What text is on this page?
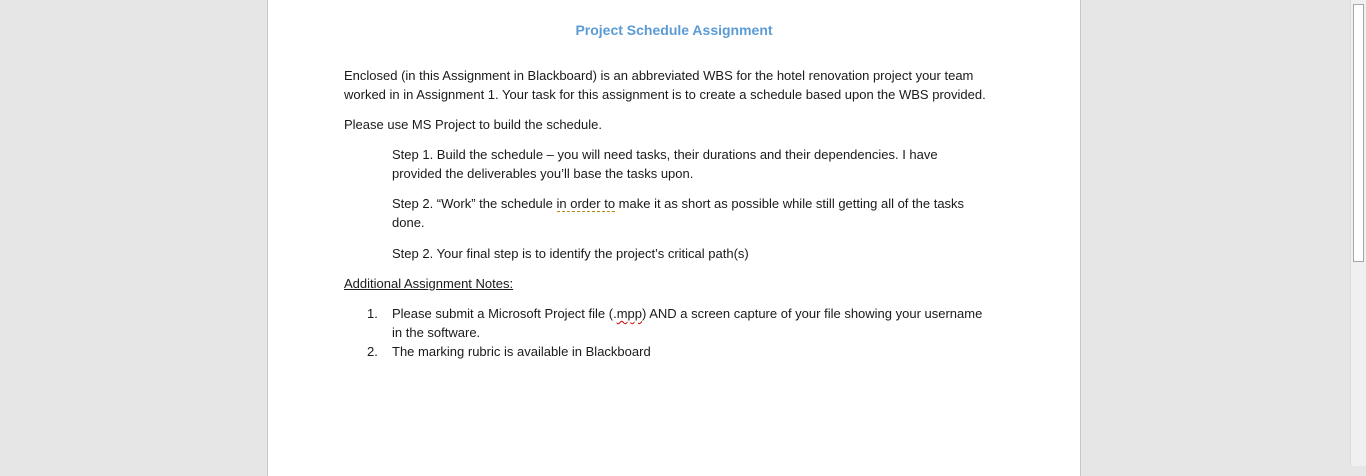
Project Schedule Assignment
Enclosed (in this Assignment in Blackboard) is an abbreviated WBS for the hotel renovation project your team
worked in in Assignment 1. Your task for this assignment is to create a schedule based upon the WBS provided.
Please use MS Project to build the schedule.
Step 1. Build the schedule – you will need tasks, their durations and their dependencies. I have
provided the deliverables you’ll base the tasks upon.
Step 2. “Work” the schedule in order to make it as short as possible while still getting all of the tasks
done.
Step 2. Your final step is to identify the project’s critical path(s)
Additional Assignment Notes:
1. Please submit a Microsoft Project file (.mpp) AND a screen capture of your file showing your username
in the software.
2. The marking rubric is available in Blackboard
